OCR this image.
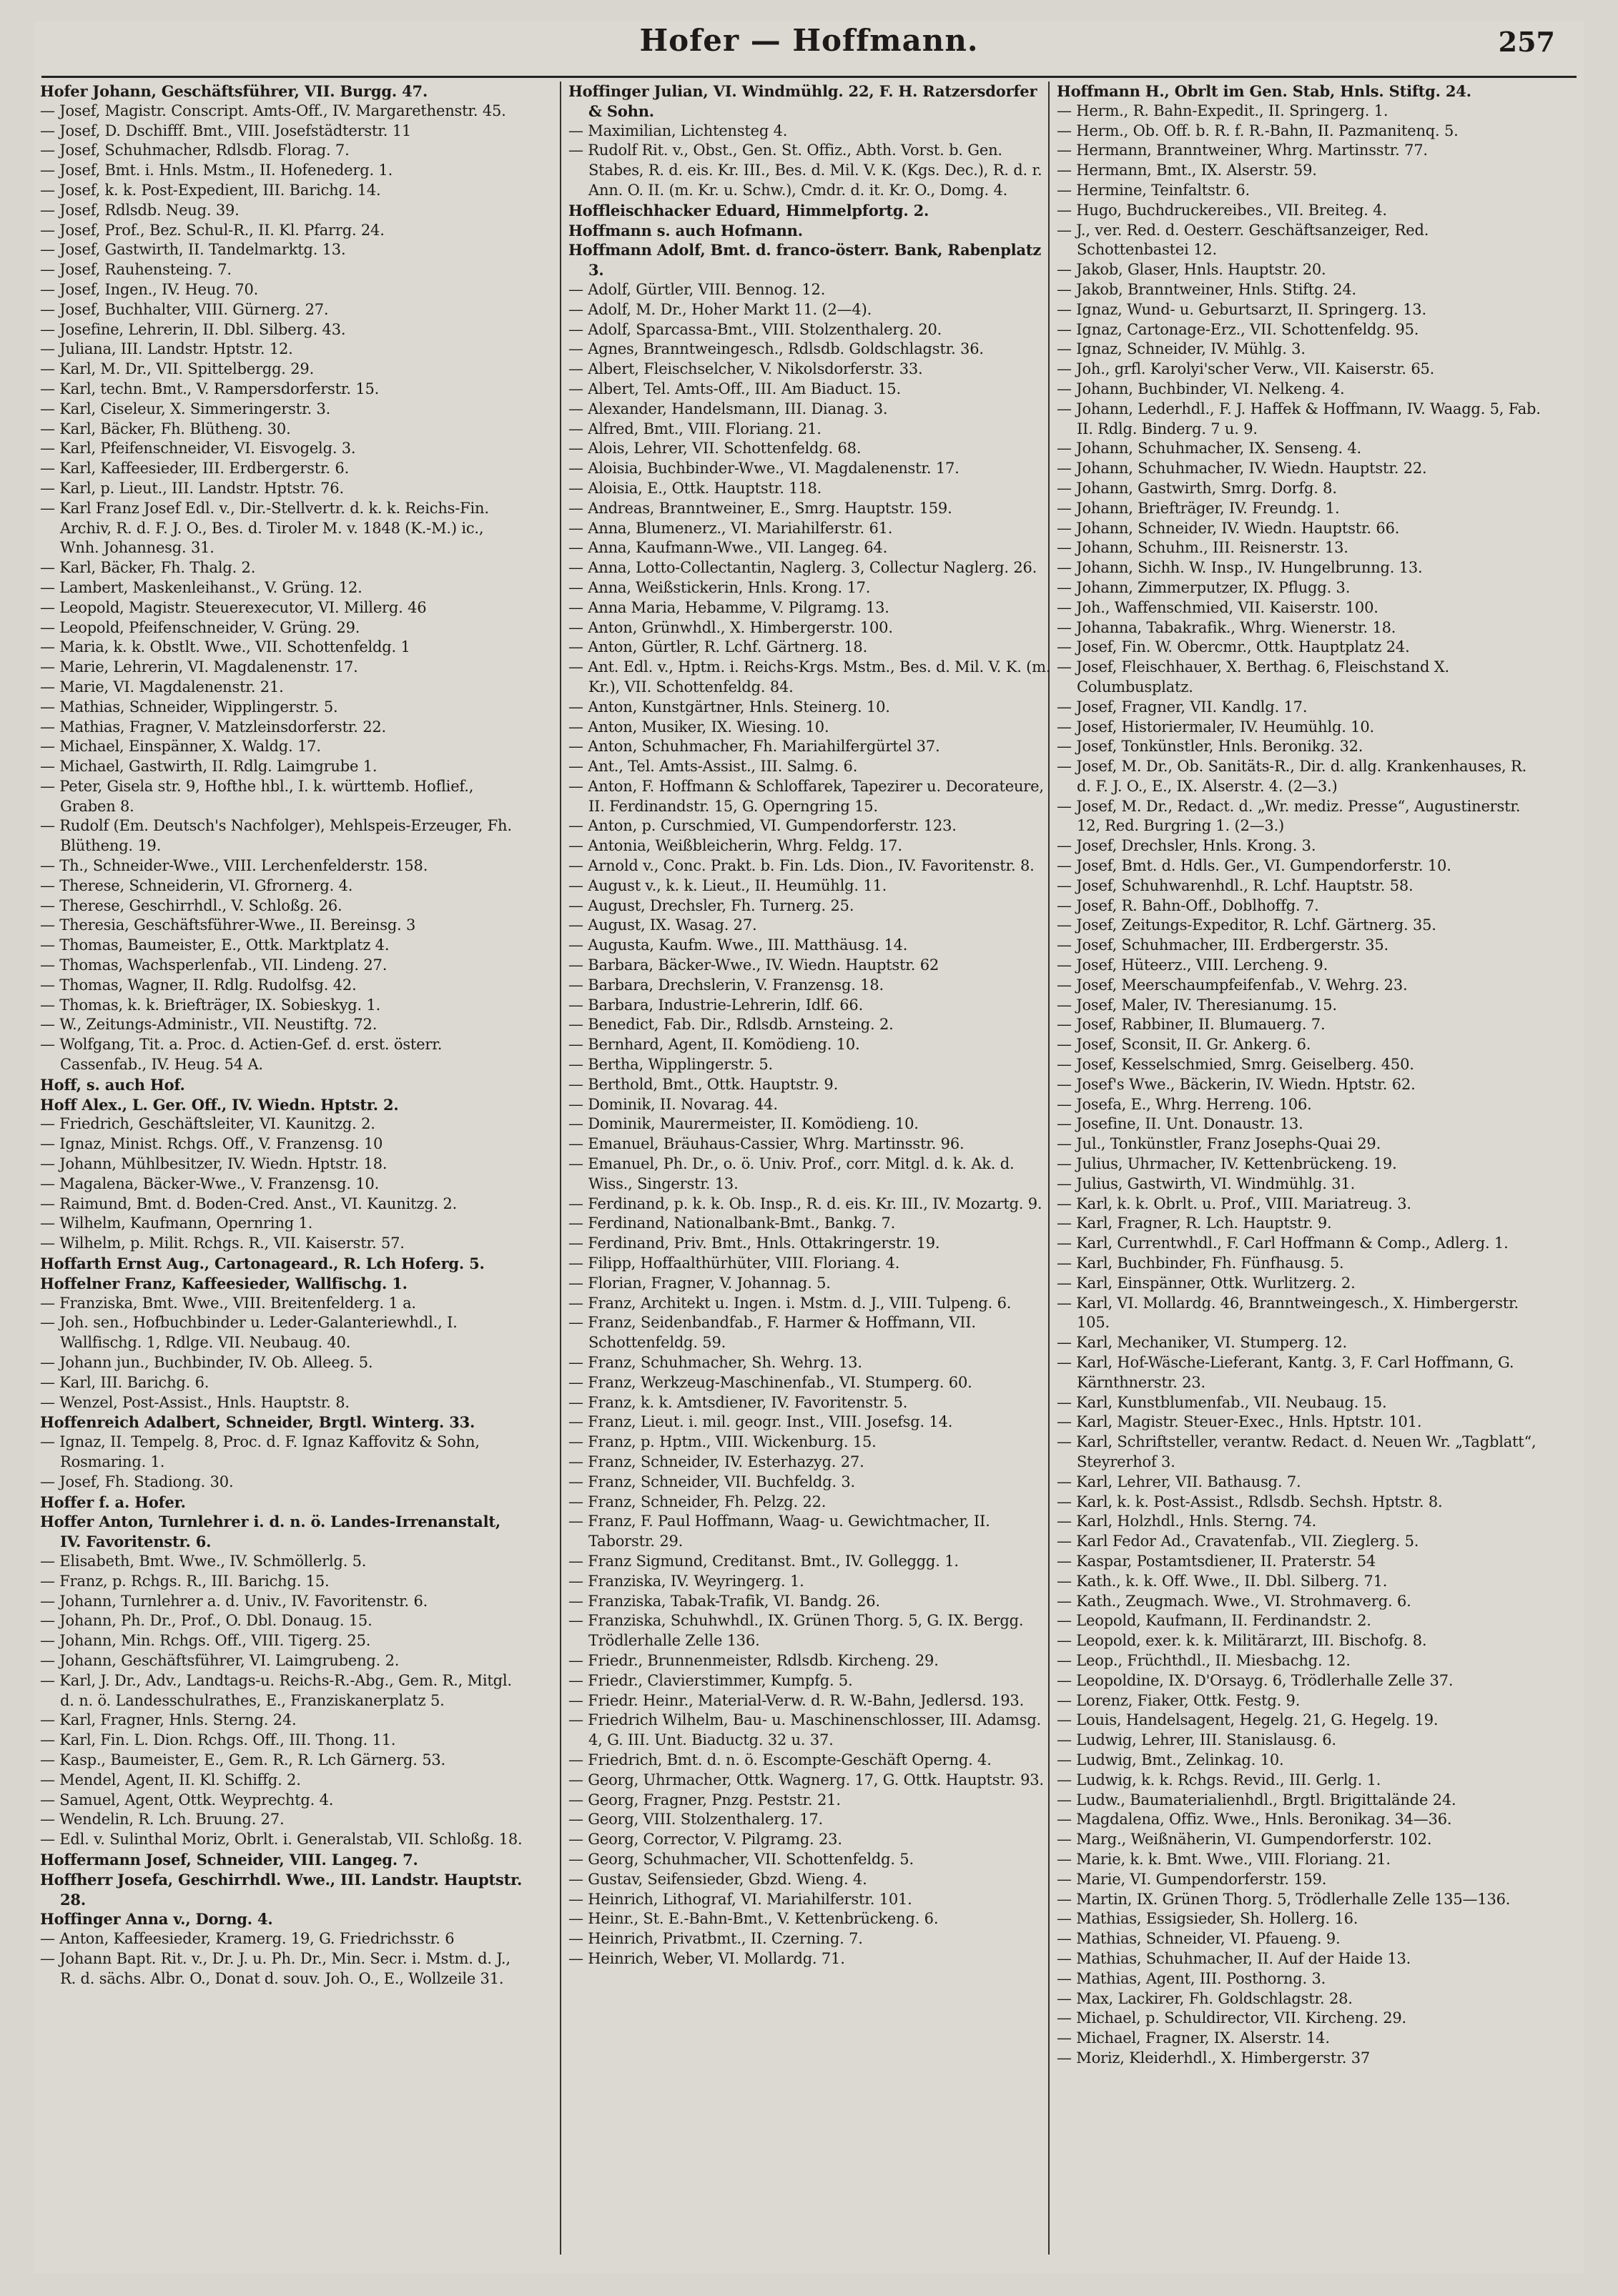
Hofer — Hoffmann.	257
Hofer Johann, Geschäftsführer, VII. Burgg. 47.
— Josef, Magistr. Conscript. Amts-Off., IV. Margarethenstr. 45.
— Josef, D. Dschifff. Bmt., VIII. Josefstädterstr. 11
— Josef, Schuhmacher, Rdlsdb. Florag. 7.
— Josef, Bmt. i. Hnls. Mstm., II. Hofenederg. 1.
— Josef, k. k. Post-Expedient, III. Barichg. 14.
— Josef, Rdlsdb. Neug. 39.
— Josef, Prof., Bez. Schul-R., II. Kl. Pfarrg. 24.
— Josef, Gastwirth, II. Tandelmarktg. 13.
— Josef, Rauhensteing. 7.
— Josef, Ingen., IV. Heug. 70.
— Josef, Buchhalter, VIII. Gürnerg. 27.
— Josefine, Lehrerin, II. Dbl. Silberg. 43.
— Juliana, III. Landstr. Hptstr. 12.
— Karl, M. Dr., VII. Spittelbergg. 29.
— Karl, techn. Bmt., V. Rampersdorferstr. 15.
— Karl, Ciseleur, X. Simmeringerstr. 3.
— Karl, Bäcker, Fh. Blütheng. 30.
— Karl, Pfeifenschneider, VI. Eisvogelg. 3.
— Karl, Kaffeesieder, III. Erdbergerstr. 6.
— Karl, p. Lieut., III. Landstr. Hptstr. 76.
— Karl Franz Josef Edl. v., Dir.-Stellvertr. d. k. k. Reichs-Fin. Archiv, R. d. F. J. O., Bes. d. Tiroler M. v. 1848 (K.-M.) ic., Wnh. Johannesg. 31.
— Karl, Bäcker, Fh. Thalg. 2.
— Lambert, Maskenleihanst., V. Grüng. 12.
— Leopold, Magistr. Steuerexecutor, VI. Millerg. 46
— Leopold, Pfeifenschneider, V. Grüng. 29.
— Maria, k. k. Obstlt. Wwe., VII. Schottenfeldg. 1
— Marie, Lehrerin, VI. Magdalenenstr. 17.
— Marie, VI. Magdalenenstr. 21.
— Mathias, Schneider, Wipplingerstr. 5.
— Mathias, Fragner, V. Matzleinsdorferstr. 22.
— Michael, Einspänner, X. Waldg. 17.
— Michael, Gastwirth, II. Rdlg. Laimgrube 1.
— Peter, Gisela str. 9, Hofthe hbl., I. k. württemb. Hoflief., Graben 8.
— Rudolf (Em. Deutsch's Nachfolger), Mehlspeis-Erzeuger, Fh. Blütheng. 19.
— Th., Schneider-Wwe., VIII. Lerchenfelderstr. 158.
— Therese, Schneiderin, VI. Gfrornerg. 4.
— Therese, Geschirrhdl., V. Schloßg. 26.
— Theresia, Geschäftsführer-Wwe., II. Bereinsg. 3
— Thomas, Baumeister, E., Ottk. Marktplatz 4.
— Thomas, Wachsperlenfab., VII. Lindeng. 27.
— Thomas, Wagner, II. Rdlg. Rudolfsg. 42.
— Thomas, k. k. Briefträger, IX. Sobieskyg. 1.
— W., Zeitungs-Administr., VII. Neustiftg. 72.
— Wolfgang, Tit. a. Proc. d. Actien-Gef. d. erst. österr. Cassenfab., IV. Heug. 54 A.
Hoff, s. auch Hof.
Hoff Alex., L. Ger. Off., IV. Wiedn. Hptstr. 2.
— Friedrich, Geschäftsleiter, VI. Kaunitzg. 2.
— Ignaz, Minist. Rchgs. Off., V. Franzensg. 10
— Johann, Mühlbesitzer, IV. Wiedn. Hptstr. 18.
— Magalena, Bäcker-Wwe., V. Franzensg. 10.
— Raimund, Bmt. d. Boden-Cred. Anst., VI. Kaunitzg. 2.
— Wilhelm, Kaufmann, Opernring 1.
— Wilhelm, p. Milit. Rchgs. R., VII. Kaiserstr. 57.
Hoffarth Ernst Aug., Cartonageard., R. Lch Hoferg. 5.
Hoffelner Franz, Kaffeesieder, Wallfischg. 1.
— Franziska, Bmt. Wwe., VIII. Breitenfelderg. 1 a.
— Joh. sen., Hofbuchbinder u. Leder-Galanteriewhdl., I. Wallfischg. 1, Rdlge. VII. Neubaug. 40.
— Johann jun., Buchbinder, IV. Ob. Alleeg. 5.
— Karl, III. Barichg. 6.
— Wenzel, Post-Assist., Hnls. Hauptstr. 8.
Hoffenreich Adalbert, Schneider, Brgtl. Winterg. 33.
— Ignaz, II. Tempelg. 8, Proc. d. F. Ignaz Kaffovitz & Sohn, Rosmaring. 1.
— Josef, Fh. Stadiong. 30.
Hoffer f. a. Hofer.
Hoffer Anton, Turnlehrer i. d. n. ö. Landes-Irrenanstalt, IV. Favoritenstr. 6.
— Elisabeth, Bmt. Wwe., IV. Schmöllerlg. 5.
— Franz, p. Rchgs. R., III. Barichg. 15.
— Johann, Turnlehrer a. d. Univ., IV. Favoritenstr. 6.
— Johann, Ph. Dr., Prof., O. Dbl. Donaug. 15.
— Johann, Min. Rchgs. Off., VIII. Tigerg. 25.
— Johann, Geschäftsführer, VI. Laimgrubeng. 2.
— Karl, J. Dr., Adv., Landtags-u. Reichs-R.-Abg., Gem. R., Mitgl. d. n. ö. Landesschulrathes, E., Franziskanerplatz 5.
— Karl, Fragner, Hnls. Sterng. 24.
— Karl, Fin. L. Dion. Rchgs. Off., III. Thong. 11.
— Kasp., Baumeister, E., Gem. R., R. Lch Gärnerg. 53.
— Mendel, Agent, II. Kl. Schiffg. 2.
— Samuel, Agent, Ottk. Weyprechtg. 4.
— Wendelin, R. Lch. Bruung. 27.
— Edl. v. Sulinthal Moriz, Obrlt. i. Generalstab, VII. Schloßg. 18.
Hoffermann Josef, Schneider, VIII. Langeg. 7.
Hoffherr Josefa, Geschirrhdl. Wwe., III. Landstr. Hauptstr. 28.
Hoffinger Anna v., Dorng. 4.
— Anton, Kaffeesieder, Kramerg. 19, G. Friedrichsstr. 6
— Johann Bapt. Rit. v., Dr. J. u. Ph. Dr., Min. Secr. i. Mstm. d. J., R. d. sächs. Albr. O., Donat d. souv. Joh. O., E., Wollzeile 31.
Hoffinger Julian, VI. Windmühlg. 22, F. H. Ratzersdorfer & Sohn.
— Maximilian, Lichtensteg 4.
— Rudolf Rit. v., Obst., Gen. St. Offiz., Abth. Vorst. b. Gen. Stabes, R. d. eis. Kr. III., Bes. d. Mil. V. K. (Kgs. Dec.), R. d. r. Ann. O. II. (m. Kr. u. Schw.), Cmdr. d. it. Kr. O., Domg. 4.
Hoffleischhacker Eduard, Himmelpfortg. 2.
Hoffmann s. auch Hofmann.
Hoffmann Adolf, Bmt. d. franco-österr. Bank, Rabenplatz 3.
— Adolf, Gürtler, VIII. Bennog. 12.
— Adolf, M. Dr., Hoher Markt 11. (2—4).
— Adolf, Sparcassa-Bmt., VIII. Stolzenthalerg. 20.
— Agnes, Branntweingesch., Rdlsdb. Goldschlagstr. 36.
— Albert, Fleischselcher, V. Nikolsdorferstr. 33.
— Albert, Tel. Amts-Off., III. Am Biaduct. 15.
— Alexander, Handelsmann, III. Dianag. 3.
— Alfred, Bmt., VIII. Floriang. 21.
— Alois, Lehrer, VII. Schottenfeldg. 68.
— Aloisia, Buchbinder-Wwe., VI. Magdalenenstr. 17.
— Aloisia, E., Ottk. Hauptstr. 118.
— Andreas, Branntweiner, E., Smrg. Hauptstr. 159.
— Anna, Blumenerz., VI. Mariahilferstr. 61.
— Anna, Kaufmann-Wwe., VII. Langeg. 64.
— Anna, Lotto-Collectantin, Naglerg. 3, Collectur Naglerg. 26.
— Anna, Weißstickerin, Hnls. Krong. 17.
— Anna Maria, Hebamme, V. Pilgramg. 13.
— Anton, Grünwhdl., X. Himbergerstr. 100.
— Anton, Gürtler, R. Lchf. Gärtnerg. 18.
— Ant. Edl. v., Hptm. i. Reichs-Krgs. Mstm., Bes. d. Mil. V. K. (m. Kr.), VII. Schottenfeldg. 84.
— Anton, Kunstgärtner, Hnls. Steinerg. 10.
— Anton, Musiker, IX. Wiesing. 10.
— Anton, Schuhmacher, Fh. Mariahilfergürtel 37.
— Ant., Tel. Amts-Assist., III. Salmg. 6.
— Anton, F. Hoffmann & Schloffarek, Tapezirer u. Decorateure, II. Ferdinandstr. 15, G. Operngring 15.
— Anton, p. Curschmied, VI. Gumpendorferstr. 123.
— Antonia, Weißbleicherin, Whrg. Feldg. 17.
— Arnold v., Conc. Prakt. b. Fin. Lds. Dion., IV. Favoritenstr. 8.
— August v., k. k. Lieut., II. Heumühlg. 11.
— August, Drechsler, Fh. Turnerg. 25.
— August, IX. Wasag. 27.
— Augusta, Kaufm. Wwe., III. Matthäusg. 14.
— Barbara, Bäcker-Wwe., IV. Wiedn. Hauptstr. 62
— Barbara, Drechslerin, V. Franzensg. 18.
— Barbara, Industrie-Lehrerin, Idlf. 66.
— Benedict, Fab. Dir., Rdlsdb. Arnsteing. 2.
— Bernhard, Agent, II. Komödieng. 10.
— Bertha, Wipplingerstr. 5.
— Berthold, Bmt., Ottk. Hauptstr. 9.
— Dominik, II. Novarag. 44.
— Dominik, Maurermeister, II. Komödieng. 10.
— Emanuel, Bräuhaus-Cassier, Whrg. Martinsstr. 96.
— Emanuel, Ph. Dr., o. ö. Univ. Prof., corr. Mitgl. d. k. Ak. d. Wiss., Singerstr. 13.
— Ferdinand, p. k. k. Ob. Insp., R. d. eis. Kr. III., IV. Mozartg. 9.
— Ferdinand, Nationalbank-Bmt., Bankg. 7.
— Ferdinand, Priv. Bmt., Hnls. Ottakringerstr. 19.
— Filipp, Hoffaalthürhüter, VIII. Floriang. 4.
— Florian, Fragner, V. Johannag. 5.
— Franz, Architekt u. Ingen. i. Mstm. d. J., VIII. Tulpeng. 6.
— Franz, Seidenbandfab., F. Harmer & Hoffmann, VII. Schottenfeldg. 59.
— Franz, Schuhmacher, Sh. Wehrg. 13.
— Franz, Werkzeug-Maschinenfab., VI. Stumperg. 60.
— Franz, k. k. Amtsdiener, IV. Favoritenstr. 5.
— Franz, Lieut. i. mil. geogr. Inst., VIII. Josefsg. 14.
— Franz, p. Hptm., VIII. Wickenburg. 15.
— Franz, Schneider, IV. Esterhazyg. 27.
— Franz, Schneider, VII. Buchfeldg. 3.
— Franz, Schneider, Fh. Pelzg. 22.
— Franz, F. Paul Hoffmann, Waag- u. Gewichtmacher, II. Taborstr. 29.
— Franz Sigmund, Creditanst. Bmt., IV. Golleggg. 1.
— Franziska, IV. Weyringerg. 1.
— Franziska, Tabak-Trafik, VI. Bandg. 26.
— Franziska, Schuhwhdl., IX. Grünen Thorg. 5, G. IX. Bergg. Trödlerhalle Zelle 136.
— Friedr., Brunnenmeister, Rdlsdb. Kircheng. 29.
— Friedr., Clavierstimmer, Kumpfg. 5.
— Friedr. Heinr., Material-Verw. d. R. W.-Bahn, Jedlersd. 193.
— Friedrich Wilhelm, Bau- u. Maschinenschlosser, III. Adamsg. 4, G. III. Unt. Biaductg. 32 u. 37.
— Friedrich, Bmt. d. n. ö. Escompte-Geschäft Operng. 4.
— Georg, Uhrmacher, Ottk. Wagnerg. 17, G. Ottk. Hauptstr. 93.
— Georg, Fragner, Pnzg. Peststr. 21.
— Georg, VIII. Stolzenthalerg. 17.
— Georg, Corrector, V. Pilgramg. 23.
— Georg, Schuhmacher, VII. Schottenfeldg. 5.
— Gustav, Seifensieder, Gbzd. Wieng. 4.
— Heinrich, Lithograf, VI. Mariahilferstr. 101.
— Heinr., St. E.-Bahn-Bmt., V. Kettenbrückeng. 6.
— Heinrich, Privatbmt., II. Czerning. 7.
— Heinrich, Weber, VI. Mollardg. 71.
Hoffmann H., Obrlt im Gen. Stab, Hnls. Stiftg. 24.
— Herm., R. Bahn-Expedit., II. Springerg. 1.
— Herm., Ob. Off. b. R. f. R.-Bahn, II. Pazmanitenq. 5.
— Hermann, Branntweiner, Whrg. Martinsstr. 77.
— Hermann, Bmt., IX. Alserstr. 59.
— Hermine, Teinfaltstr. 6.
— Hugo, Buchdruckereibes., VII. Breiteg. 4.
— J., ver. Red. d. Oesterr. Geschäftsanzeiger, Red. Schottenbastei 12.
— Jakob, Glaser, Hnls. Hauptstr. 20.
— Jakob, Branntweiner, Hnls. Stiftg. 24.
— Ignaz, Wund- u. Geburtsarzt, II. Springerg. 13.
— Ignaz, Cartonage-Erz., VII. Schottenfeldg. 95.
— Ignaz, Schneider, IV. Mühlg. 3.
— Joh., grfl. Karolyi'scher Verw., VII. Kaiserstr. 65.
— Johann, Buchbinder, VI. Nelkeng. 4.
— Johann, Lederhdl., F. J. Haffek & Hoffmann, IV. Waagg. 5, Fab. II. Rdlg. Binderg. 7 u. 9.
— Johann, Schuhmacher, IX. Senseng. 4.
— Johann, Schuhmacher, IV. Wiedn. Hauptstr. 22.
— Johann, Gastwirth, Smrg. Dorfg. 8.
— Johann, Briefträger, IV. Freundg. 1.
— Johann, Schneider, IV. Wiedn. Hauptstr. 66.
— Johann, Schuhm., III. Reisnerstr. 13.
— Johann, Sichh. W. Insp., IV. Hungelbrunng. 13.
— Johann, Zimmerputzer, IX. Pflugg. 3.
— Joh., Waffenschmied, VII. Kaiserstr. 100.
— Johanna, Tabakrafik., Whrg. Wienerstr. 18.
— Josef, Fin. W. Obercmr., Ottk. Hauptplatz 24.
— Josef, Fleischhauer, X. Berthag. 6, Fleischstand X. Columbusplatz.
— Josef, Fragner, VII. Kandlg. 17.
— Josef, Historiermaler, IV. Heumühlg. 10.
— Josef, Tonkünstler, Hnls. Beronikg. 32.
— Josef, M. Dr., Ob. Sanitäts-R., Dir. d. allg. Krankenhauses, R. d. F. J. O., E., IX. Alserstr. 4. (2—3.)
— Josef, M. Dr., Redact. d. „Wr. mediz. Presse“, Augustinerstr. 12, Red. Burgring 1. (2—3.)
— Josef, Drechsler, Hnls. Krong. 3.
— Josef, Bmt. d. Hdls. Ger., VI. Gumpendorferstr. 10.
— Josef, Schuhwarenhdl., R. Lchf. Hauptstr. 58.
— Josef, R. Bahn-Off., Doblhoffg. 7.
— Josef, Zeitungs-Expeditor, R. Lchf. Gärtnerg. 35.
— Josef, Schuhmacher, III. Erdbergerstr. 35.
— Josef, Hüteerz., VIII. Lercheng. 9.
— Josef, Meerschaumpfeifenfab., V. Wehrg. 23.
— Josef, Maler, IV. Theresianumg. 15.
— Josef, Rabbiner, II. Blumauerg. 7.
— Josef, Sconsit, II. Gr. Ankerg. 6.
— Josef, Kesselschmied, Smrg. Geiselberg. 450.
— Josef's Wwe., Bäckerin, IV. Wiedn. Hptstr. 62.
— Josefa, E., Whrg. Herreng. 106.
— Josefine, II. Unt. Donaustr. 13.
— Jul., Tonkünstler, Franz Josephs-Quai 29.
— Julius, Uhrmacher, IV. Kettenbrückeng. 19.
— Julius, Gastwirth, VI. Windmühlg. 31.
— Karl, k. k. Obrlt. u. Prof., VIII. Mariatreug. 3.
— Karl, Fragner, R. Lch. Hauptstr. 9.
— Karl, Currentwhdl., F. Carl Hoffmann & Comp., Adlerg. 1.
— Karl, Buchbinder, Fh. Fünfhausg. 5.
— Karl, Einspänner, Ottk. Wurlitzerg. 2.
— Karl, VI. Mollardg. 46, Branntweingesch., X. Himbergerstr. 105.
— Karl, Mechaniker, VI. Stumperg. 12.
— Karl, Hof-Wäsche-Lieferant, Kantg. 3, F. Carl Hoffmann, G. Kärnthnerstr. 23.
— Karl, Kunstblumenfab., VII. Neubaug. 15.
— Karl, Magistr. Steuer-Exec., Hnls. Hptstr. 101.
— Karl, Schriftsteller, verantw. Redact. d. Neuen Wr. „Tagblatt“, Steyrerhof 3.
— Karl, Lehrer, VII. Bathausg. 7.
— Karl, k. k. Post-Assist., Rdlsdb. Sechsh. Hptstr. 8.
— Karl, Holzhdl., Hnls. Sterng. 74.
— Karl Fedor Ad., Cravatenfab., VII. Zieglerg. 5.
— Kaspar, Postamtsdiener, II. Praterstr. 54
— Kath., k. k. Off. Wwe., II. Dbl. Silberg. 71.
— Kath., Zeugmach. Wwe., VI. Strohmaverg. 6.
— Leopold, Kaufmann, II. Ferdinandstr. 2.
— Leopold, exer. k. k. Militärarzt, III. Bischofg. 8.
— Leop., Früchthdl., II. Miesbachg. 12.
— Leopoldine, IX. D'Orsayg. 6, Trödlerhalle Zelle 37.
— Lorenz, Fiaker, Ottk. Festg. 9.
— Louis, Handelsagent, Hegelg. 21, G. Hegelg. 19.
— Ludwig, Lehrer, III. Stanislausg. 6.
— Ludwig, Bmt., Zelinkag. 10.
— Ludwig, k. k. Rchgs. Revid., III. Gerlg. 1.
— Ludw., Baumaterialienhdl., Brgtl. Brigittalände 24.
— Magdalena, Offiz. Wwe., Hnls. Beronikag. 34—36.
— Marg., Weißnäherin, VI. Gumpendorferstr. 102.
— Marie, k. k. Bmt. Wwe., VIII. Floriang. 21.
— Marie, VI. Gumpendorferstr. 159.
— Martin, IX. Grünen Thorg. 5, Trödlerhalle Zelle 135—136.
— Mathias, Essigsieder, Sh. Hollerg. 16.
— Mathias, Schneider, VI. Pfaueng. 9.
— Mathias, Schuhmacher, II. Auf der Haide 13.
— Mathias, Agent, III. Posthorng. 3.
— Max, Lackirer, Fh. Goldschlagstr. 28.
— Michael, p. Schuldirector, VII. Kircheng. 29.
— Michael, Fragner, IX. Alserstr. 14.
— Moriz, Kleiderhdl., X. Himbergerstr. 37
